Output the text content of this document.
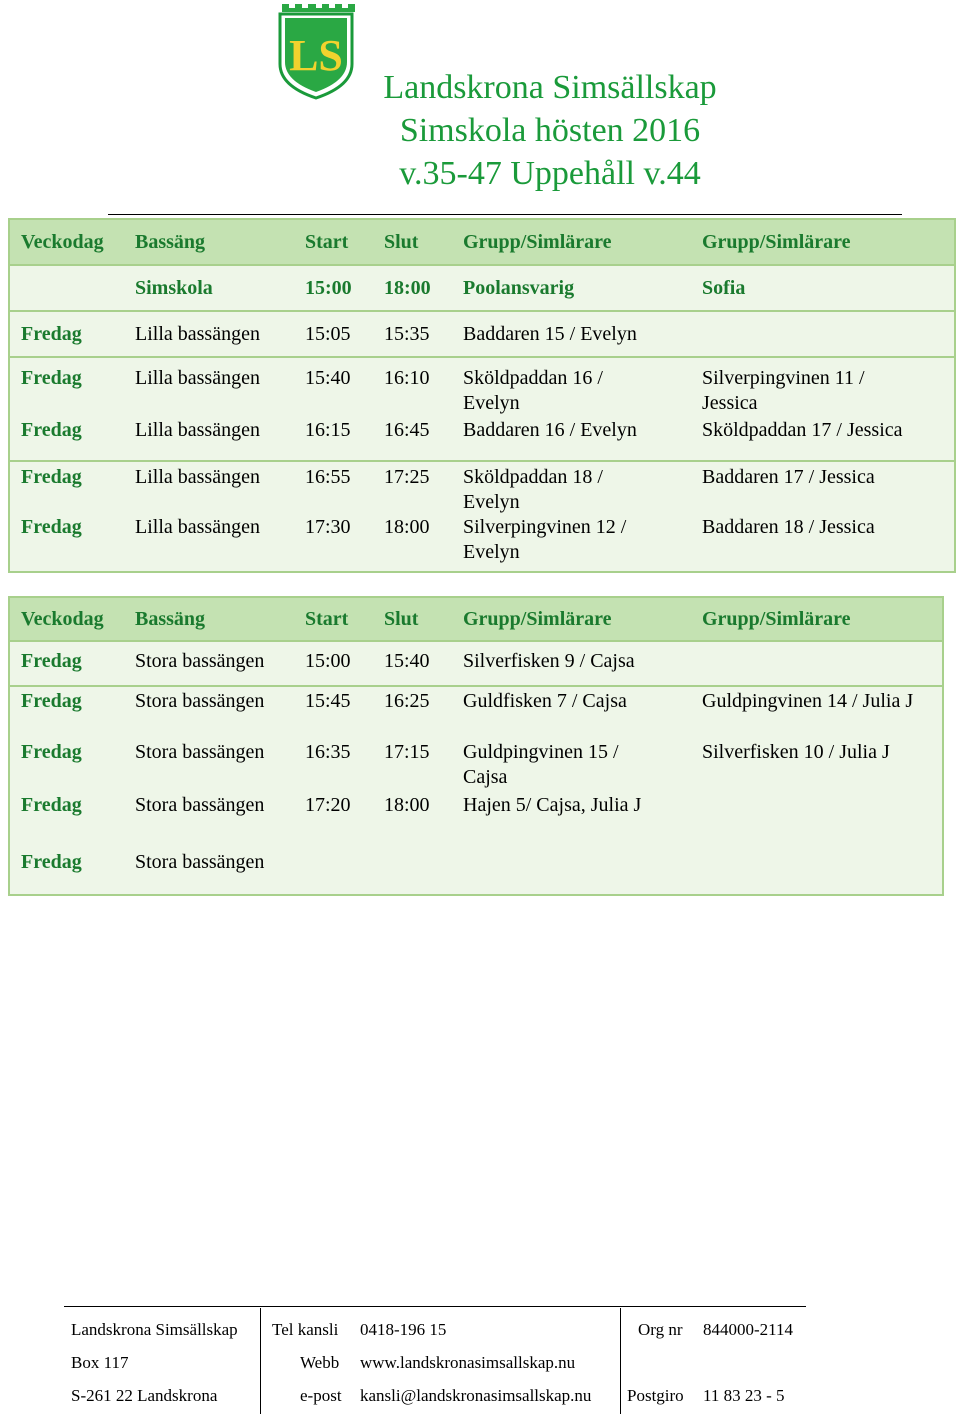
LS
Landskrona Simsällskap
Simskola hösten 2016
v.35-47 Uppehåll v.44
Veckodag	Bassäng	Start	Slut	Grupp/Simlärare	Grupp/Simlärare
	Simskola	15:00	18:00	Poolansvarig	Sofia
Fredag	Lilla bassängen	15:05	15:35	Baddaren 15 / Evelyn	
Fredag	Lilla bassängen	15:40	16:10	Sköldpaddan 16 / Evelyn	Silverpingvinen 11 / Jessica
Fredag	Lilla bassängen	16:15	16:45	Baddaren 16 / Evelyn	Sköldpaddan 17 / Jessica
Fredag	Lilla bassängen	16:55	17:25	Sköldpaddan 18 / Evelyn	Baddaren 17 / Jessica
Fredag	Lilla bassängen	17:30	18:00	Silverpingvinen 12 / Evelyn	Baddaren 18 / Jessica
Veckodag	Bassäng	Start	Slut	Grupp/Simlärare	Grupp/Simlärare
Fredag	Stora bassängen	15:00	15:40	Silverfisken 9 / Cajsa	
Fredag	Stora bassängen	15:45	16:25	Guldfisken 7 / Cajsa	Guldpingvinen 14 / Julia J
Fredag	Stora bassängen	16:35	17:15	Guldpingvinen 15 / Cajsa	Silverfisken 10 / Julia J
Fredag	Stora bassängen	17:20	18:00	Hajen 5/ Cajsa, Julia J	
Fredag	Stora bassängen				
Landskrona Simsällskap Tel kansli 0418-196 15	Org nr 844000-2114
Box 117	Webb www.landskronasimsallskap.nu
S-261 22 Landskrona	e-post kansli@landskronasimsallskap.nu Postgiro 11 83 23 - 5
